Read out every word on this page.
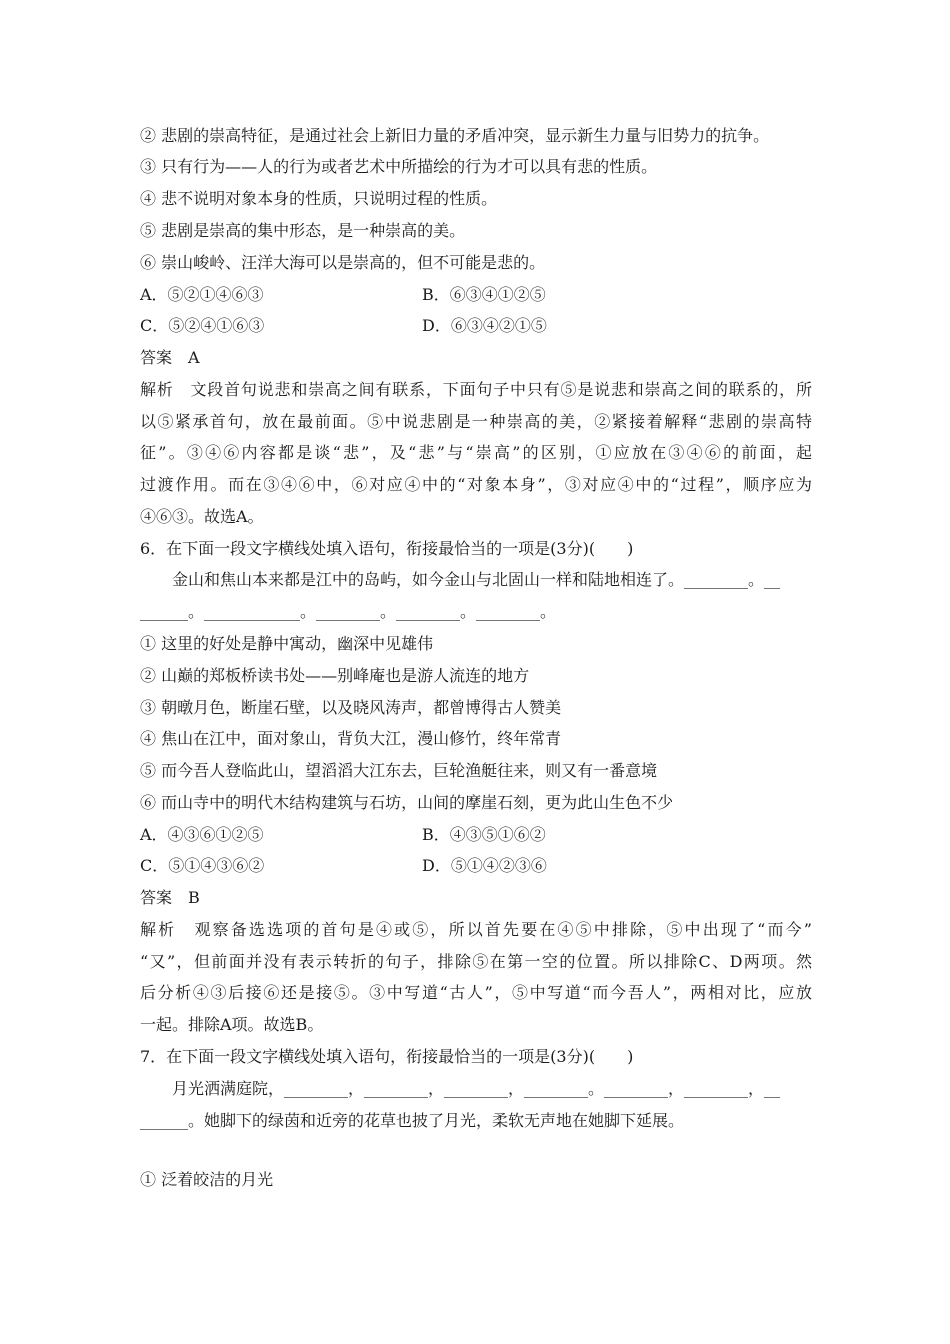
② 悲剧的崇高特征，是通过社会上新旧力量的矛盾冲突，显示新生力量与旧势力的抗争。
③ 只有行为——人的行为或者艺术中所描绘的行为才可以具有悲的性质。
④ 悲不说明对象本身的性质，只说明过程的性质。
⑤ 悲剧是崇高的集中形态，是一种崇高的美。
⑥ 崇山峻岭、汪洋大海可以是崇高的，但不可能是悲的。
A．⑤②①④⑥③	B．⑥③④①②⑤
C．⑤②④①⑥③	D．⑥③④②①⑤
答案　A
解析　文段首句说悲和崇高之间有联系，下面句子中只有⑤是说悲和崇高之间的联系的，所
以⑤紧承首句，放在最前面。⑤中说悲剧是一种崇高的美，②紧接着解释“悲剧的崇高特
征”。③④⑥内容都是谈“悲”，及“悲”与“崇高”的区别，①应放在③④⑥的前面，起
过渡作用。而在③④⑥中，⑥对应④中的“对象本身”，③对应④中的“过程”，顺序应为
④⑥③。故选A。
6．在下面一段文字横线处填入语句，衔接最恰当的一项是(3分)(　　)
金山和焦山本来都是江中的岛屿，如今金山与北固山一样和陆地相连了。________。__
______。____________。________。________。________。
① 这里的好处是静中寓动，幽深中见雄伟
② 山巅的郑板桥读书处——别峰庵也是游人流连的地方
③ 朝暾月色，断崖石壁，以及晓风涛声，都曾博得古人赞美
④ 焦山在江中，面对象山，背负大江，漫山修竹，终年常青
⑤ 而今吾人登临此山，望滔滔大江东去，巨轮渔艇往来，则又有一番意境
⑥ 而山寺中的明代木结构建筑与石坊，山间的摩崖石刻，更为此山生色不少
A．④③⑥①②⑤	B．④③⑤①⑥②
C．⑤①④③⑥②	D．⑤①④②③⑥
答案　B
解析　观察备选选项的首句是④或⑤，所以首先要在④⑤中排除，⑤中出现了“而今”
“又”，但前面并没有表示转折的句子，排除⑤在第一空的位置。所以排除C、D两项。然
后分析④③后接⑥还是接⑤。③中写道“古人”，⑤中写道“而今吾人”，两相对比，应放
一起。排除A项。故选B。
7．在下面一段文字横线处填入语句，衔接最恰当的一项是(3分)(　　)
月光洒满庭院，________，________，________，________。________，________，__
______。她脚下的绿茵和近旁的花草也披了月光，柔软无声地在她脚下延展。
① 泛着皎洁的月光
